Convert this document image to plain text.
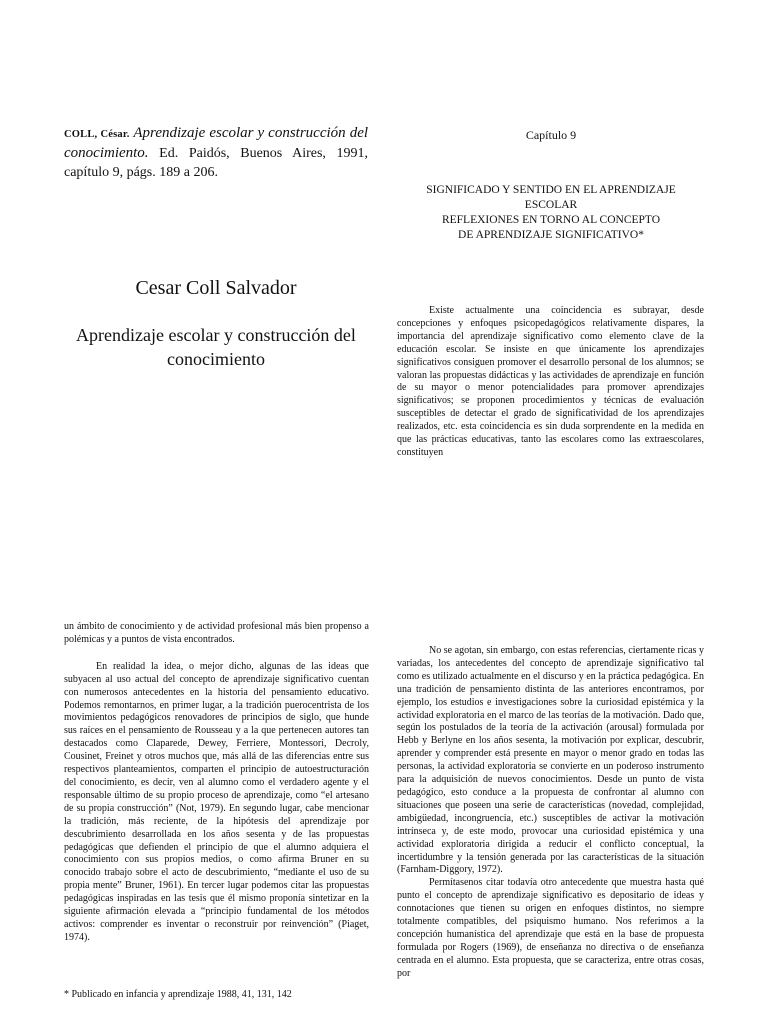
COLL, César. Aprendizaje escolar y construcción del conocimiento. Ed. Paidós, Buenos Aires, 1991, capítulo 9, págs. 189 a 206.
Cesar Coll Salvador
Aprendizaje escolar y construcción del conocimiento
Capítulo 9
SIGNIFICADO Y SENTIDO EN EL APRENDIZAJE
ESCOLAR
REFLEXIONES EN TORNO AL CONCEPTO
DE APRENDIZAJE SIGNIFICATIVO*

Existe actualmente una coincidencia es subrayar, desde concepciones y enfoques psicopedagógicos relativamente dispares, la importancia del aprendizaje significativo como elemento clave de la educación escolar. Se insiste en que únicamente los aprendizajes significativos consiguen promover el desarrollo personal de los alumnos; se valoran las propuestas didácticas y las actividades de aprendizaje en función de su mayor o menor potencialidades para promover aprendizajes significativos; se proponen procedimientos y técnicas de evaluación susceptibles de detectar el grado de significatividad de los aprendizajes realizados, etc. esta coincidencia es sin duda sorprendente en la medida en que las prácticas educativas, tanto las escolares como las extraescolares, constituyen

un ámbito de conocimiento y de actividad profesional más bien propenso a polémicas y a puntos de vista encontrados.

En realidad la idea, o mejor dicho, algunas de las ideas que subyacen al uso actual del concepto de aprendizaje significativo cuentan con numerosos antecedentes en la historia del pensamiento educativo. Podemos remontarnos, en primer lugar, a la tradición puerocentrista de los movimientos pedagógicos renovadores de principios de siglo, que hunde sus raíces en el pensamiento de Rousseau y a la que pertenecen autores tan destacados como Claparede, Dewey, Ferriere, Montessori, Decroly, Cousinet, Freinet y otros muchos que, más allá de las diferencias entre sus respectivos planteamientos, comparten el principio de autoestructuración del conocimiento, es decir, ven al alumno como el verdadero agente y el responsable último de su propio proceso de aprendizaje, como “el artesano de su propia construcción” (Not, 1979). En segundo lugar, cabe mencionar la tradición, más reciente, de la hipótesis del aprendizaje por descubrimiento desarrollada en los años sesenta y de las propuestas pedagógicas que defienden el principio de que el alumno adquiera el conocimiento con sus propios medios, o como afirma Bruner en su conocido trabajo sobre el acto de descubrimiento, “mediante el uso de su propia mente” Bruner, 1961). En tercer lugar podemos citar las propuestas pedagógicas inspiradas en las tesis que él mismo proponía sintetizar en la siguiente afirmación elevada a “principio fundamental de los métodos activos: comprender es inventar o reconstruir por reinvención” (Piaget, 1974).

No se agotan, sin embargo, con estas referencias, ciertamente ricas y variadas, los antecedentes del concepto de aprendizaje significativo tal como es utilizado actualmente en el discurso y en la práctica pedagógica. En una tradición de pensamiento distinta de las anteriores encontramos, por ejemplo, los estudios e investigaciones sobre la curiosidad epistémica y la actividad exploratoria en el marco de las teorías de la motivación. Dado que, según los postulados de la teoría de la activación (arousal) formulada por Hebb y Berlyne en los años sesenta, la motivación por explicar, descubrir, aprender y comprender está presente en mayor o menor grado en todas las personas, la actividad exploratoria se convierte en un poderoso instrumento para la adquisición de nuevos conocimientos. Desde un punto de vista pedagógico, esto conduce a la propuesta de confrontar al alumno con situaciones que poseen una serie de características (novedad, complejidad, ambigüedad, incongruencia, etc.) susceptibles de activar la motivación intrínseca y, de este modo, provocar una curiosidad epistémica y una actividad exploratoria dirigida a reducir el conflicto conceptual, la incertidumbre y la tensión generada por las características de la situación (Farnham-Diggory, 1972).

Permítasenos citar todavía otro antecedente que muestra hasta qué punto el concepto de aprendizaje significativo es depositario de ideas y connotaciones que tienen su origen en enfoques distintos, no siempre totalmente compatibles, del psiquismo humano. Nos referimos a la concepción humanística del aprendizaje que está en la base de propuesta formulada por Rogers (1969), de enseñanza no directiva o de enseñanza centrada en el alumno. Esta propuesta, que se caracteriza, entre otras cosas, por

* Publicado en infancia y aprendizaje 1988, 41, 131, 142
